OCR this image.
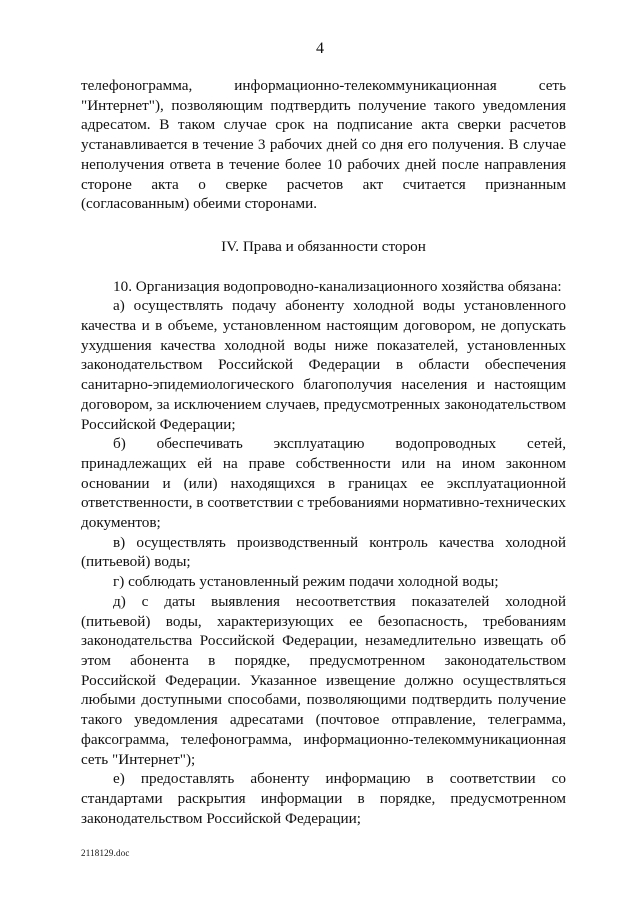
4

телефонограмма, информационно-телекоммуникационная сеть "Интернет"), позволяющим подтвердить получение такого уведомления адресатом. В таком случае срок на подписание акта сверки расчетов устанавливается в течение 3 рабочих дней со дня его получения. В случае неполучения ответа в течение более 10 рабочих дней после направления стороне акта о сверке расчетов акт считается признанным (согласованным) обеими сторонами.

IV. Права и обязанности сторон

10. Организация водопроводно-канализационного хозяйства обязана:

а) осуществлять подачу абоненту холодной воды установленного качества и в объеме, установленном настоящим договором, не допускать ухудшения качества холодной воды ниже показателей, установленных законодательством Российской Федерации в области обеспечения санитарно-эпидемиологического благополучия населения и настоящим договором, за исключением случаев, предусмотренных законодательством Российской Федерации;

б) обеспечивать эксплуатацию водопроводных сетей, принадлежащих ей на праве собственности или на ином законном основании и (или) находящихся в границах ее эксплуатационной ответственности, в соответствии с требованиями нормативно-технических документов;

в) осуществлять производственный контроль качества холодной (питьевой) воды;

г) соблюдать установленный режим подачи холодной воды;

д) с даты выявления несоответствия показателей холодной (питьевой) воды, характеризующих ее безопасность, требованиям законодательства Российской Федерации, незамедлительно извещать об этом абонента в порядке, предусмотренном законодательством Российской Федерации. Указанное извещение должно осуществляться любыми доступными способами, позволяющими подтвердить получение такого уведомления адресатами (почтовое отправление, телеграмма, факсограмма, телефонограмма, информационно-телекоммуникационная сеть "Интернет");

е) предоставлять абоненту информацию в соответствии со стандартами раскрытия информации в порядке, предусмотренном законодательством Российской Федерации;

2118129.doc
